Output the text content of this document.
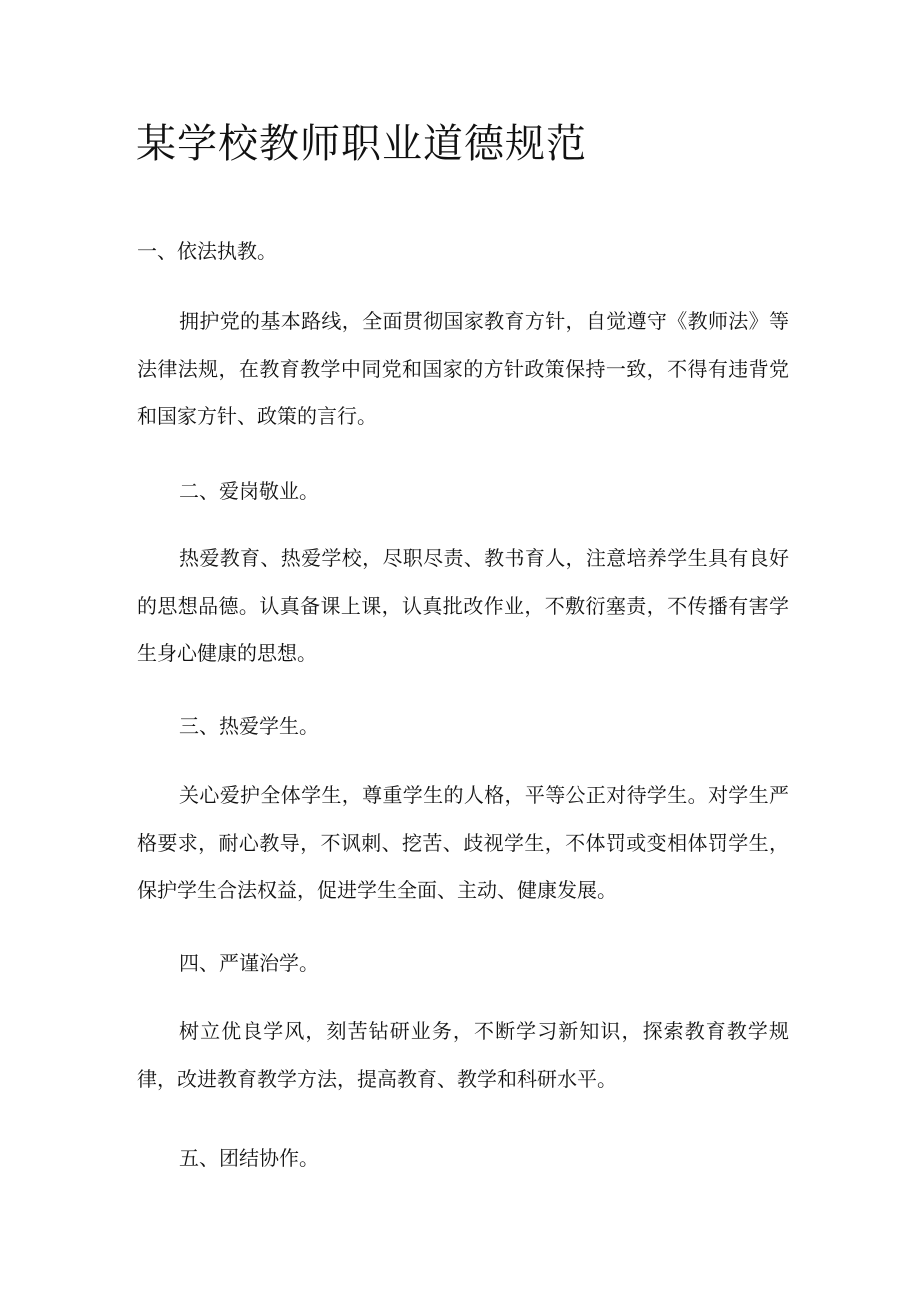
某学校教师职业道德规范
一、依法执教。

拥护党的基本路线，全面贯彻国家教育方针，自觉遵守《教师法》等法律法规，在教育教学中同党和国家的方针政策保持一致，不得有违背党和国家方针、政策的言行。

二、爱岗敬业。

热爱教育、热爱学校，尽职尽责、教书育人，注意培养学生具有良好的思想品德。认真备课上课，认真批改作业，不敷衍塞责，不传播有害学生身心健康的思想。

三、热爱学生。

关心爱护全体学生，尊重学生的人格，平等公正对待学生。对学生严格要求，耐心教导，不讽刺、挖苦、歧视学生，不体罚或变相体罚学生，保护学生合法权益，促进学生全面、主动、健康发展。

四、严谨治学。

树立优良学风，刻苦钻研业务，不断学习新知识，探索教育教学规律，改进教育教学方法，提高教育、教学和科研水平。

五、团结协作。
